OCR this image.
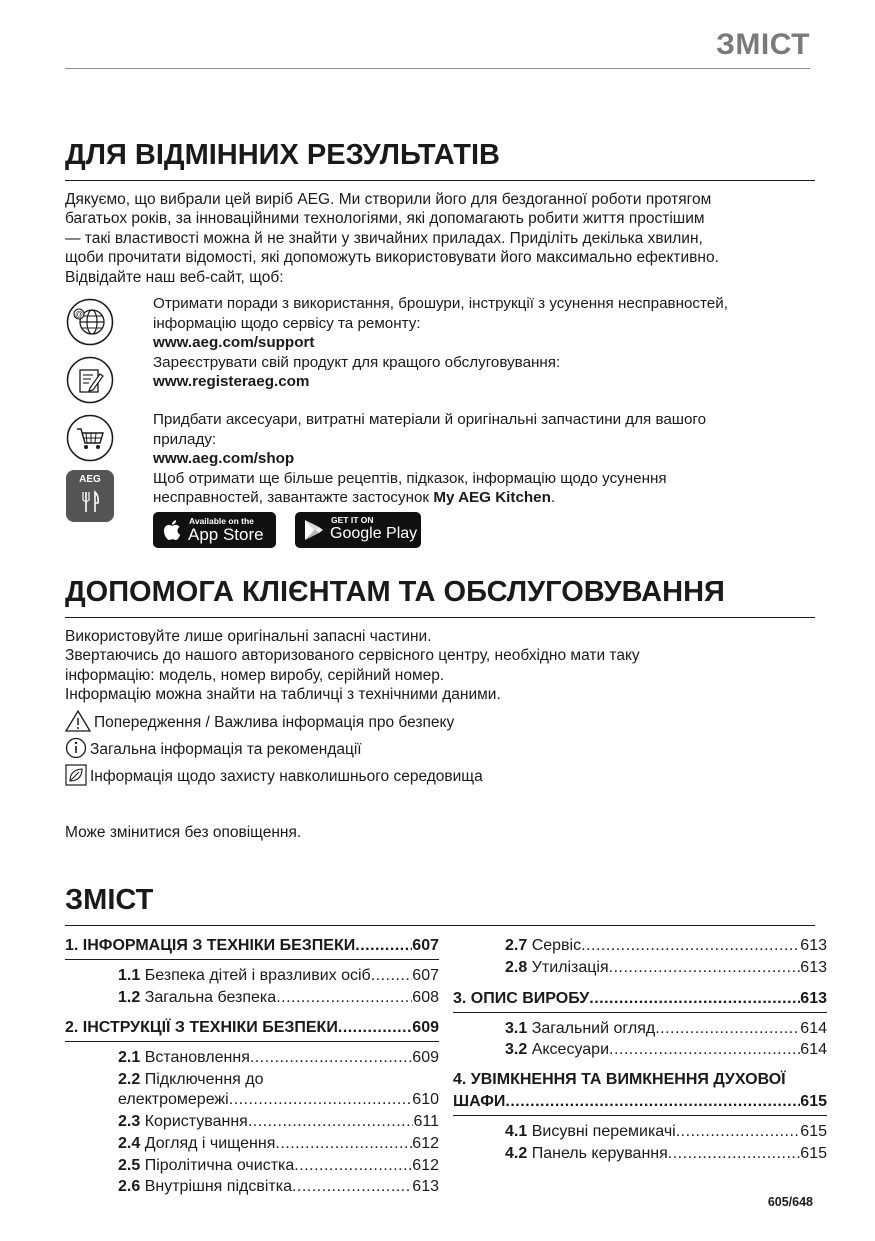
ЗМІСТ
ДЛЯ ВІДМІННИХ РЕЗУЛЬТАТІВ
Дякуємо, що вибрали цей виріб AEG. Ми створили його для бездоганної роботи протягом
багатьох років, за інноваційними технологіями, які допомагають робити життя простішим
— такі властивості можна й не знайти у звичайних приладах. Приділіть декілька хвилин,
щоби прочитати відомості, які допоможуть використовувати його максимально ефективно.
Відвідайте наш веб-сайт, щоб:
@
Отримати поради з використання, брошури, інструкції з усунення несправностей,
інформацію щодо сервісу та ремонту:
www.aeg.com/support
Зареєструвати свій продукт для кращого обслуговування:
www.registeraeg.com
Придбати аксесуари, витратні матеріали й оригінальні запчастини для вашого
приладу:
www.aeg.com/shop
Щоб отримати ще більше рецептів, підказок, інформацію щодо усунення
несправностей, завантажте застосунок My AEG Kitchen.
AEG
Available on the
App Store
GET IT ON
Google Play
ДОПОМОГА КЛІЄНТАМ ТА ОБСЛУГОВУВАННЯ
Використовуйте лише оригінальні запасні частини.
Звертаючись до нашого авторизованого сервісного центру, необхідно мати таку
інформацію: модель, номер виробу, серійний номер.
Інформацію можна знайти на табличці з технічними даними.
Попередження / Важлива інформація про безпеку
Загальна інформація та рекомендації
Інформація щодо захисту навколишнього середовища
Може змінитися без оповіщення.
ЗМІСТ
1. ІНФОРМАЦІЯ З ТЕХНІКИ БЕЗПЕКИ .....	607
1.1 Безпека дітей і вразливих осіб .....	607
1.2 Загальна безпека .....	608
2. ІНСТРУКЦІЇ З ТЕХНІКИ БЕЗПЕКИ .....	609
2.1 Встановлення .....	609
2.2 Підключення до
електромережі .....	610
2.3 Користування .....	611
2.4 Догляд і чищення .....	612
2.5 Піролітична очистка .....	612
2.6 Внутрішня підсвітка .....	613
2.7 Сервіс .....	613
2.8 Утилізація .....	613
3. ОПИС ВИРОБУ .....	613
3.1 Загальний огляд .....	614
3.2 Аксесуари .....	614
4. УВІМКНЕННЯ ТА ВИМКНЕННЯ ДУХОВОЇ
ШАФИ .....	615
4.1 Висувні перемикачі .....	615
4.2 Панель керування .....	615
605/648
